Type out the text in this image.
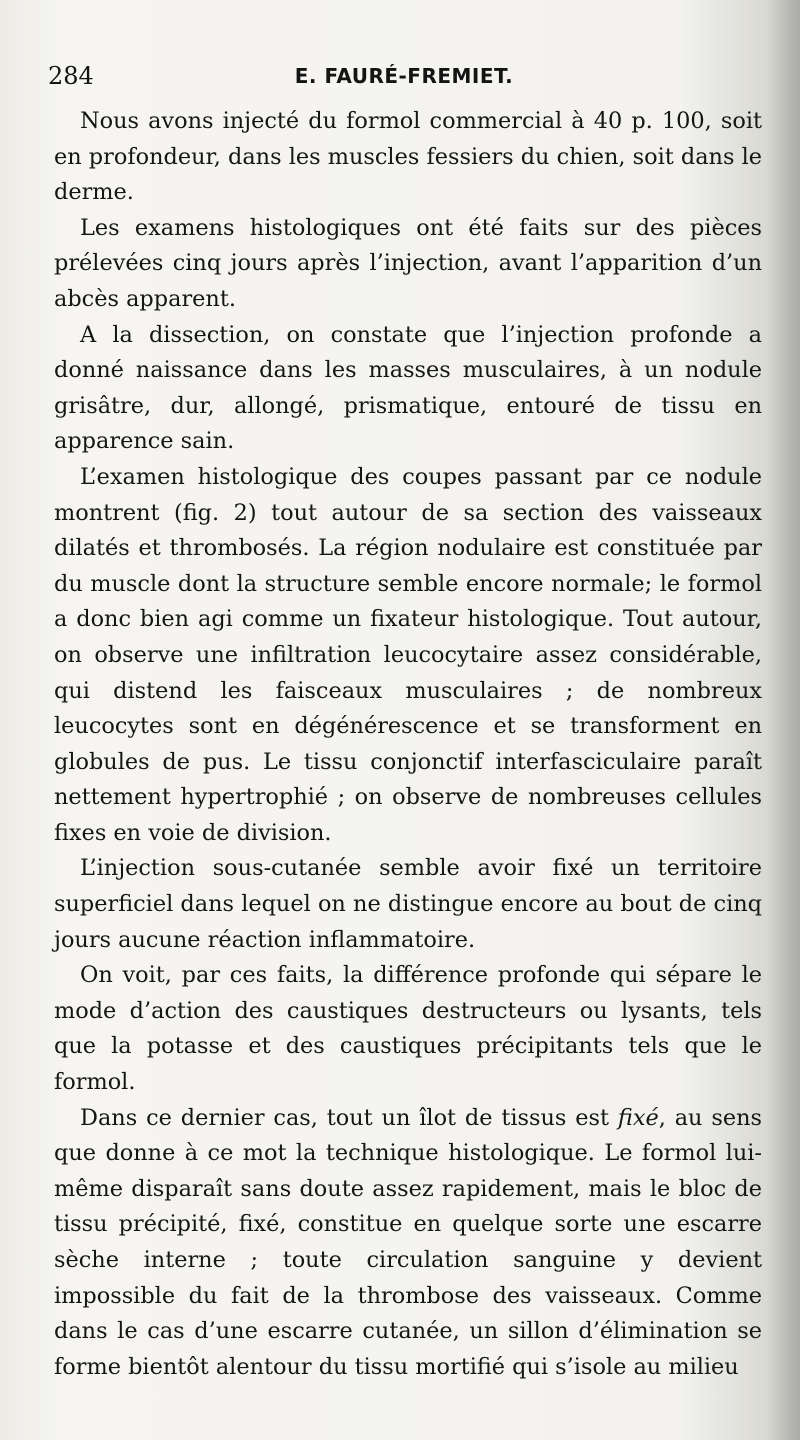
284	E. FAURÉ-FREMIET.

Nous avons injecté du formol commercial à 40 p. 100, soit en profondeur, dans les muscles fessiers du chien, soit dans le derme.

Les examens histologiques ont été faits sur des pièces prélevées cinq jours après l’injection, avant l’apparition d’un abcès apparent.

A la dissection, on constate que l’injection profonde a donné naissance dans les masses musculaires, à un nodule grisâtre, dur, allongé, prismatique, entouré de tissu en apparence sain.

L’examen histologique des coupes passant par ce nodule montrent (fig. 2) tout autour de sa section des vaisseaux dilatés et thrombosés. La région nodulaire est constituée par du muscle dont la structure semble encore normale; le formol a donc bien agi comme un fixateur histologique. Tout autour, on observe une infiltration leucocytaire assez considérable, qui distend les faisceaux musculaires ; de nombreux leucocytes sont en dégénérescence et se transforment en globules de pus. Le tissu conjonctif interfasciculaire paraît nettement hypertrophié ; on observe de nombreuses cellules fixes en voie de division.

L’injection sous-cutanée semble avoir fixé un territoire superficiel dans lequel on ne distingue encore au bout de cinq jours aucune réaction inflammatoire.

On voit, par ces faits, la différence profonde qui sépare le mode d’action des caustiques destructeurs ou lysants, tels que la potasse et des caustiques précipitants tels que le formol.

Dans ce dernier cas, tout un îlot de tissus est fixé, au sens que donne à ce mot la technique histologique. Le formol lui-même disparaît sans doute assez rapidement, mais le bloc de tissu précipité, fixé, constitue en quelque sorte une escarre sèche interne ; toute circulation sanguine y devient impossible du fait de la thrombose des vaisseaux. Comme dans le cas d’une escarre cutanée, un sillon d’élimination se forme bientôt alentour du tissu mortifié qui s’isole au milieu
